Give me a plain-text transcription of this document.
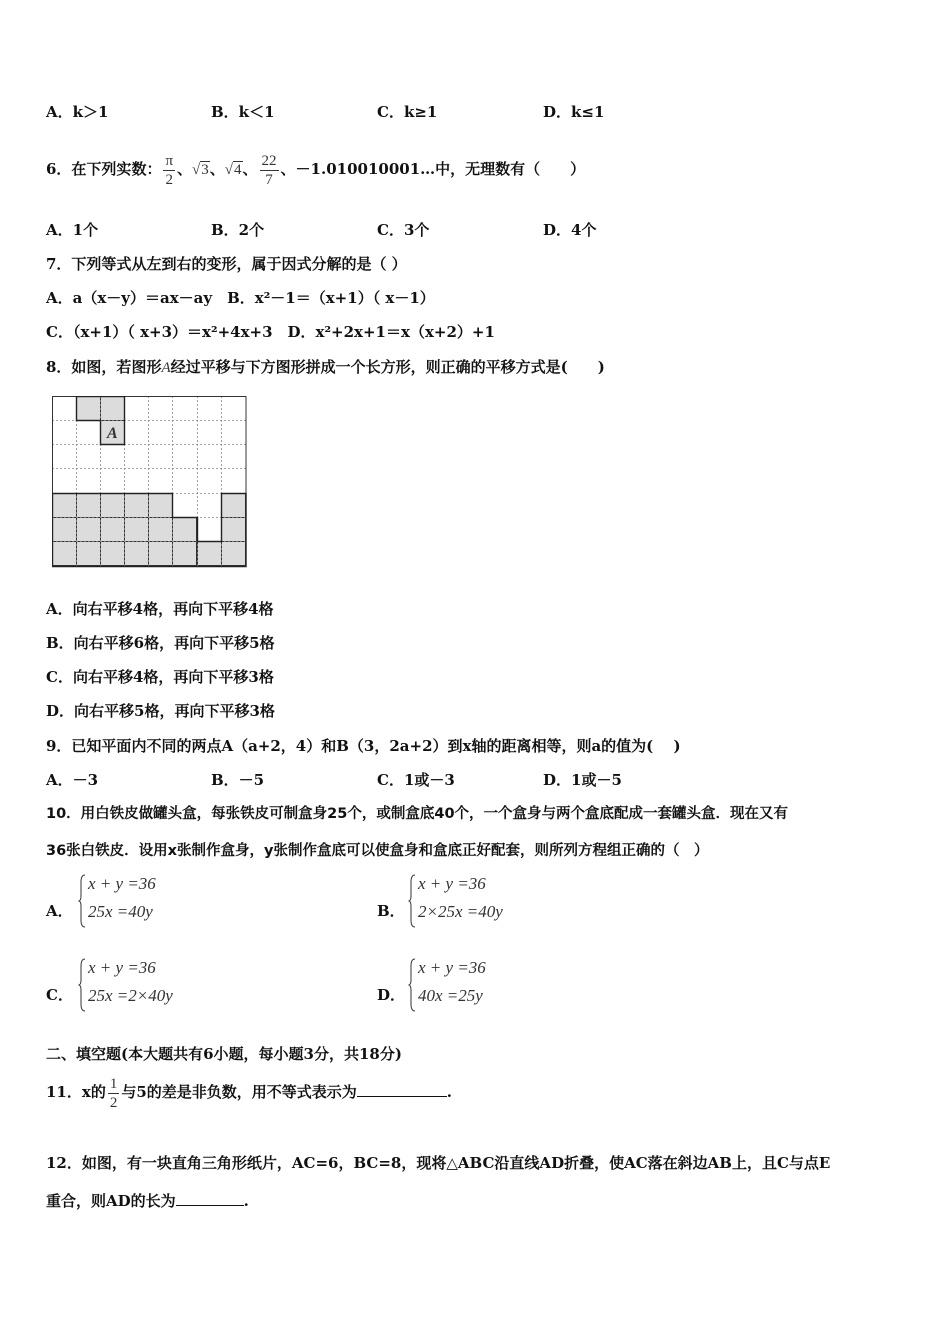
A．k＞1	B．k＜1	C．k≥1	D．k≤1
6．在下列实数： $\frac{\pi}{2}$ 、√3、√4、 $\frac{22}{7}$ 、－1.010010001…中，无理数有（　　）
A．1个	B．2个	C．3个	D．4个
7．下列等式从左到右的变形，属于因式分解的是（ ）
A．a（x－y）＝ax－ay　B．x²－1＝（x+1）（ x－1）
C．（x+1）（ x+3）＝x²+4x+3　D．x²+2x+1＝x（x+2）+1
8．如图，若图形A经过平移与下方图形拼成一个长方形，则正确的平移方式是(　　)
A
A．向右平移4格，再向下平移4格
B．向右平移6格，再向下平移5格
C．向右平移4格，再向下平移3格
D．向右平移5格，再向下平移3格
9．已知平面内不同的两点A（a+2，4）和B（3，2a+2）到x轴的距离相等，则a的值为(　 )
A．－3	B．－5	C．1或－3	D．1或－5
10．用白铁皮做罐头盒，每张铁皮可制盒身25个，或制盒底40个，一个盒身与两个盒底配成一套罐头盒．现在又有
36张白铁皮．设用x张制作盒身，y张制作盒底可以使盒身和盒底正好配套，则所列方程组正确的（　）
A．
x + y =36
25x =40y	B．
x + y =36
2×25x =40y
C．
x + y =36
25x =2×40y	D．
x + y =36
40x =25y
二、填空题(本大题共有6小题，每小题3分，共18分)
11．x的 $\frac{1}{2}$ 与5的差是非负数，用不等式表示为	.
12．如图，有一块直角三角形纸片，AC=6，BC=8，现将△ABC沿直线AD折叠，使AC落在斜边AB上，且C与点E
重合，则AD的长为	.
